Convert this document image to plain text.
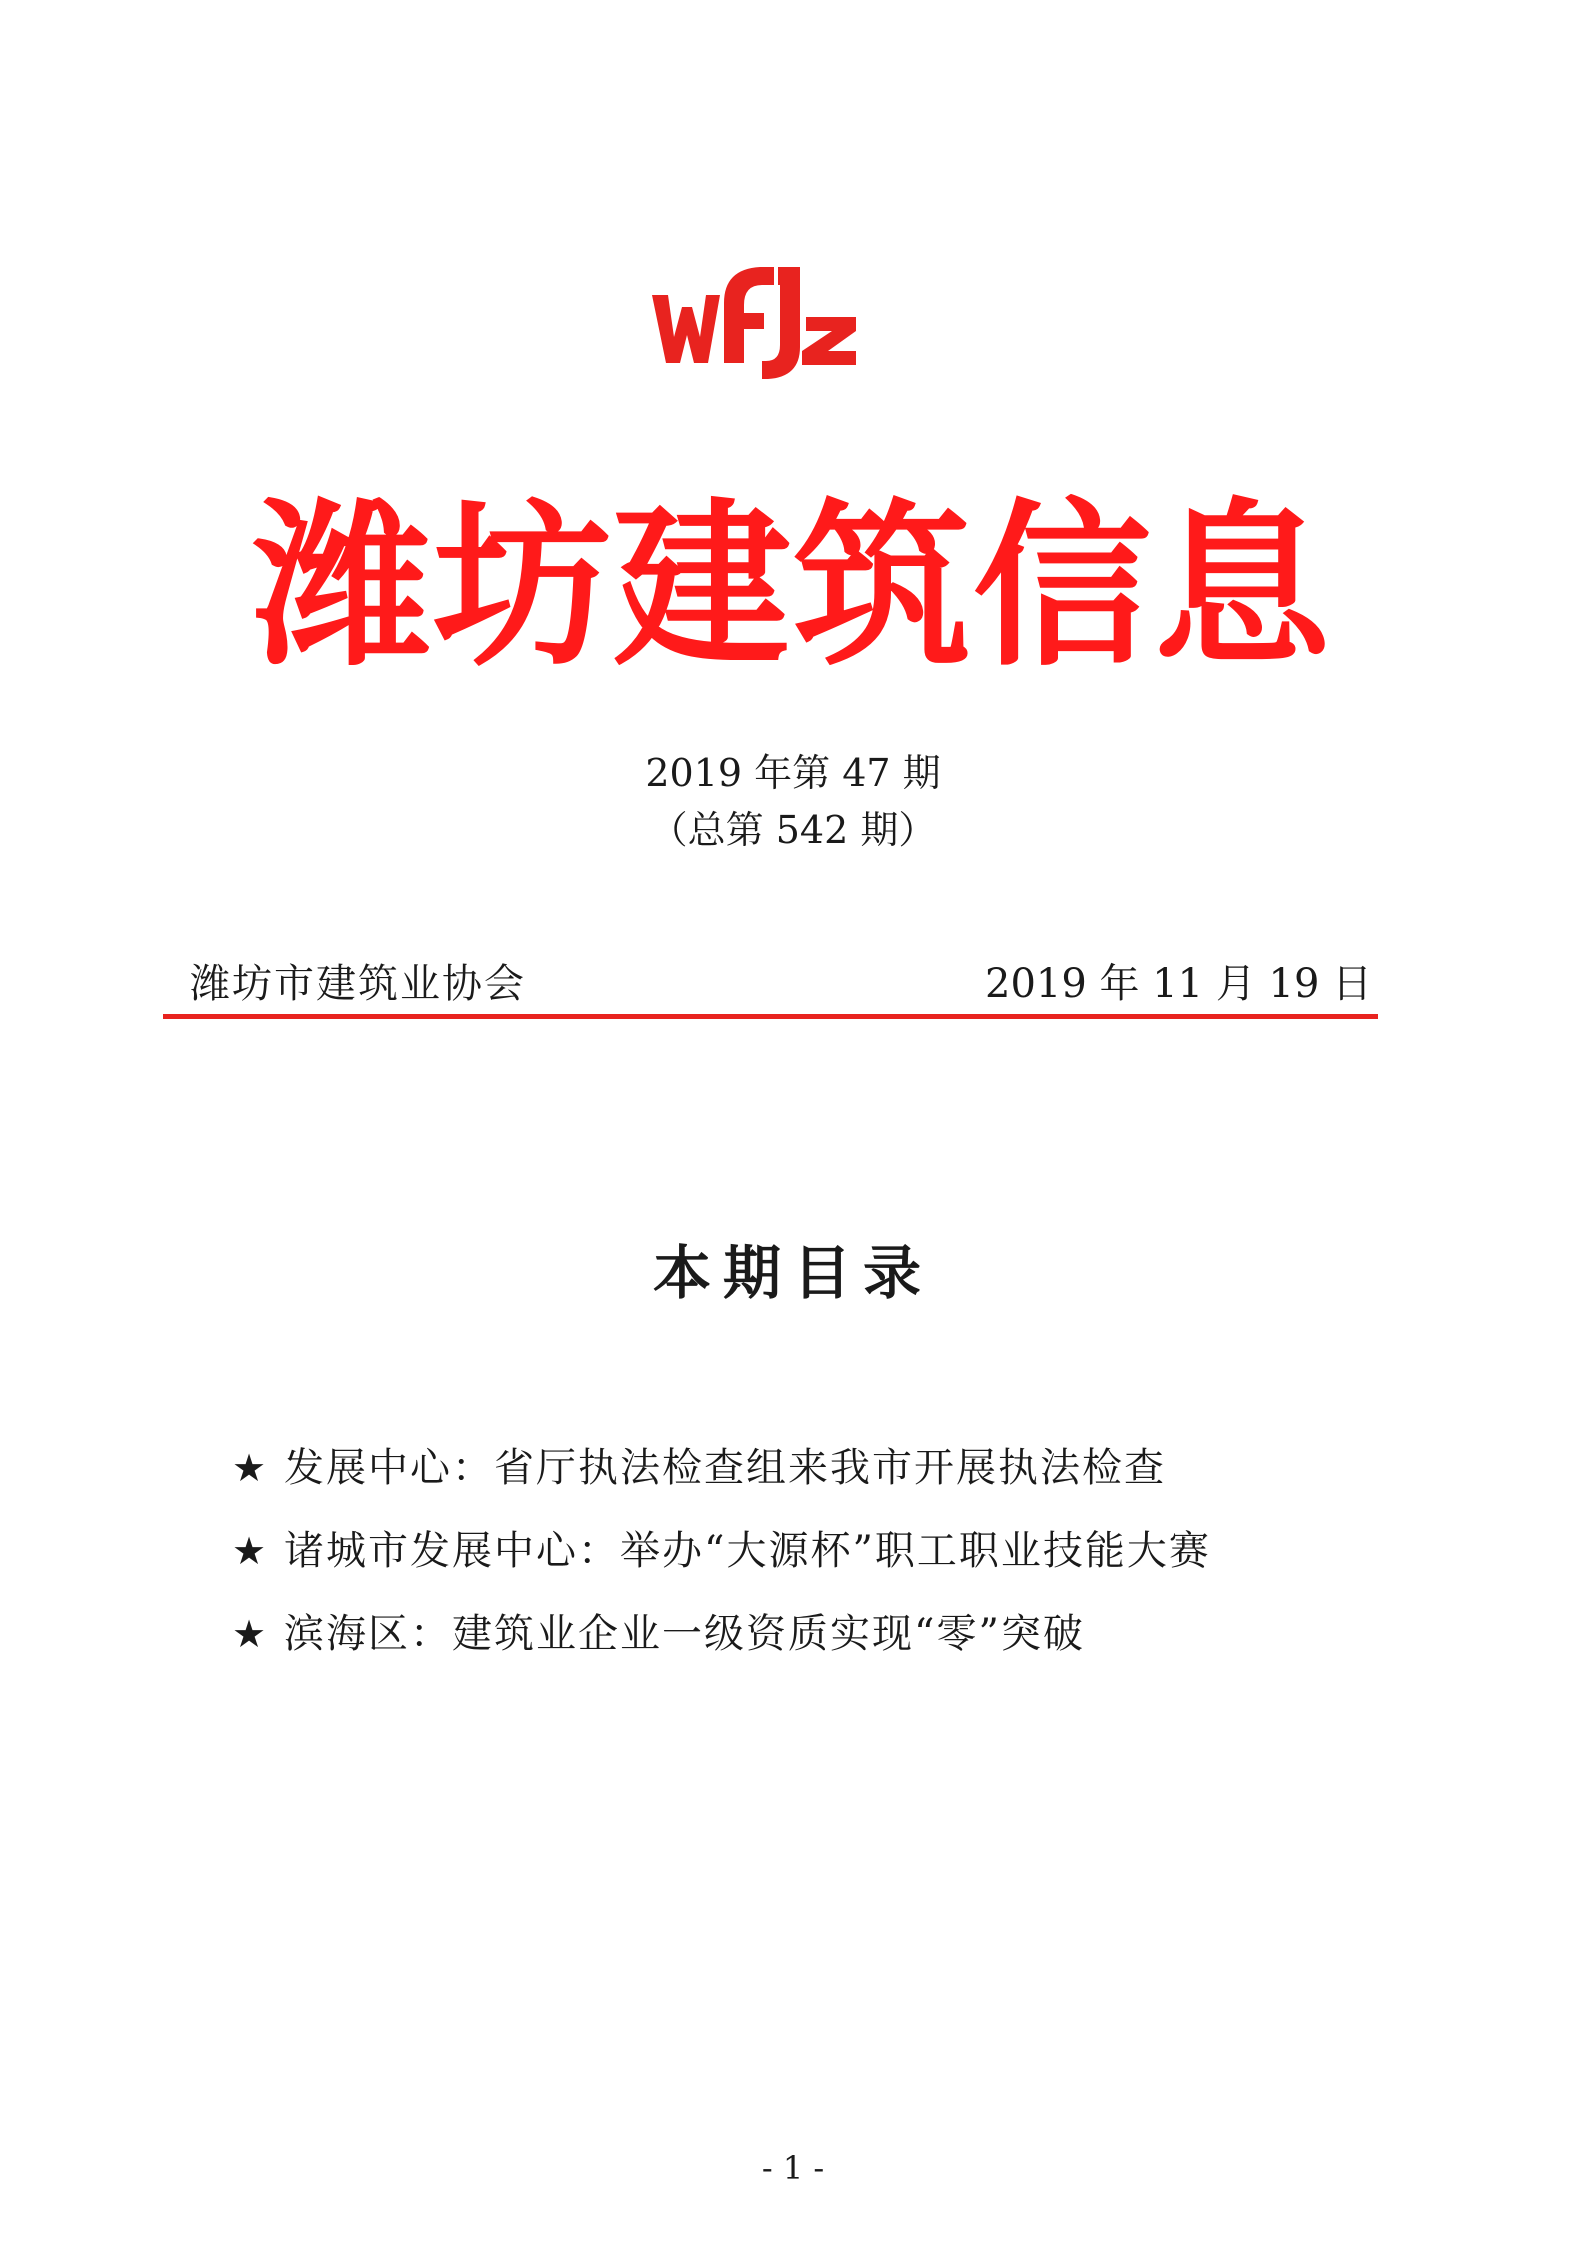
潍坊建筑信息
2019 年第 47 期
（总第 542 期）
潍坊市建筑业协会	2019 年 11 月 19 日
本期目录
★ 发展中心：省厅执法检查组来我市开展执法检查
★ 诸城市发展中心：举办“大源杯”职工职业技能大赛
★ 滨海区：建筑业企业一级资质实现“零”突破
- 1 -
